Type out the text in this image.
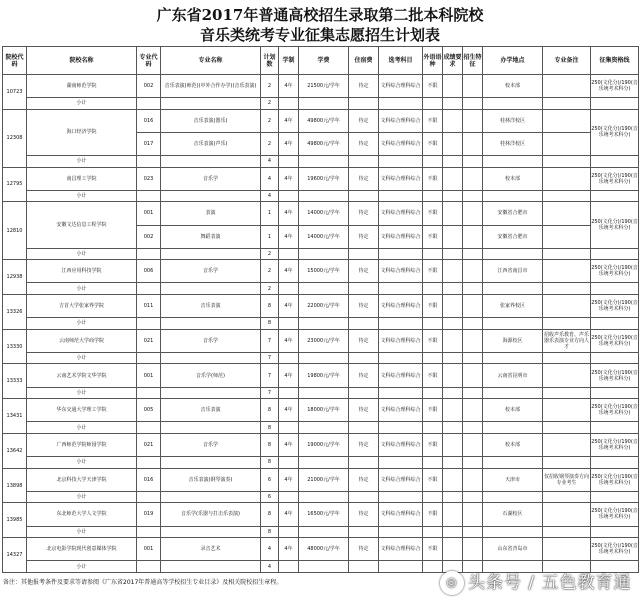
广东省2017年普通高校招生录取第二批本科院校
音乐类统考专业征集志愿招生计划表
院校代码	院校名称	专业代码	专业名称	计划数	学制	学费	住宿费	选考科目	外语语种	成绩要求	招生特征	办学地点	专业备注	征集资格线
10723	湖南师范学院	002	音乐表演(师范)(中外合作办学)(音乐表演)	2	4年	21500元/学年	待定	文科综合理科综合	不限			校本部		250(文化分)/190(音乐统考术科分)
	小计			2										
12308	海口经济学院	016	音乐表演(器乐)	2	4年	49800元/学年	待定	文科综合理科综合	不限			桂林洋校区		250(文化分)/190(音乐统考术科分)
		017	音乐表演(声乐)	2	4年	49800元/学年	待定	文科综合理科综合	不限			桂林洋校区		
	小计			4										
12795	南昌理工学院	023	音乐学	4	4年	19600元/学年	待定	文科综合理科综合	不限			校本部		250(文化分)/190(音乐统考术科分)
	小计			4										
12810	安徽文达信息工程学院	001	表演	1	4年	14000元/学年	待定	文科综合理科综合	不限			安徽省合肥市		250(文化分)/190(音乐统考术科分)
		002	舞蹈表演	1	4年	14000元/学年	待定	文科综合理科综合	不限			安徽省合肥市		
	小计			2										
12938	江西应用科技学院	006	音乐学	2	4年	15000元/学年	待定	文科综合理科综合	不限			江西省南昌市		250(文化分)/190(音乐统考术科分)
	小计			2										
13326	吉首大学张家界学院	011	音乐表演	8	4年	22000元/学年	待定	文科综合理科综合	不限			张家界校区		250(文化分)/190(音乐统考术科分)
	小计			8										
13330	云南师范大学商学院	021	音乐学	7	4年	23000元/学年	待定	文科综合理科综合	不限			海源校区	招收声乐教育、声乐器乐表演专业方向人才	250(文化分)/190(音乐统考术科分)
	小计			7										
13333	云南艺术学院文华学院	001	音乐学(师范)	7	4年	19800元/学年	待定	文科综合理科综合	不限			云南省昆明市		250(文化分)/190(音乐统考术科分)
	小计			7										
13431	华东交通大学理工学院	005	音乐表演	8	4年	18000元/学年	待定	文科综合理科综合	不限			校本部		250(文化分)/190(音乐统考术科分)
	小计			8										
13642	广西师范学院师园学院	021	音乐学	8	4年	19000元/学年	待定	文科综合理科综合	不限			校本部		250(文化分)/190(音乐统考术科分)
	小计			8										
13898	北京科技大学天津学院	016	音乐表演(钢琴演奏)	6	4年	21000元/学年	待定	文科综合理科综合	不限			天津市	仅招收钢琴演奏方向专业考生	250(文化分)/190(音乐统考术科分)
	小计			6										
13985	东北师范大学人文学院	019	音乐学(乐器与打击乐表演)	8	4年	16500元/学年	待定	文科综合理科综合	不限			石湖校区		250(文化分)/190(音乐统考术科分)
	小计			8										
14327	北京电影学院现代创意媒体学院	001	录音艺术	4	4年	48000元/学年	待定	文科综合理科综合	不限			山东省青岛市		250(文化分)/190(音乐统考术科分)
	小计			4										
备注：其他报考条件及要求等请参阅《广东省2017年普通高等学校招生专业目录》及相关院校招生章程。	◎ 头条号 / 五色教育通
